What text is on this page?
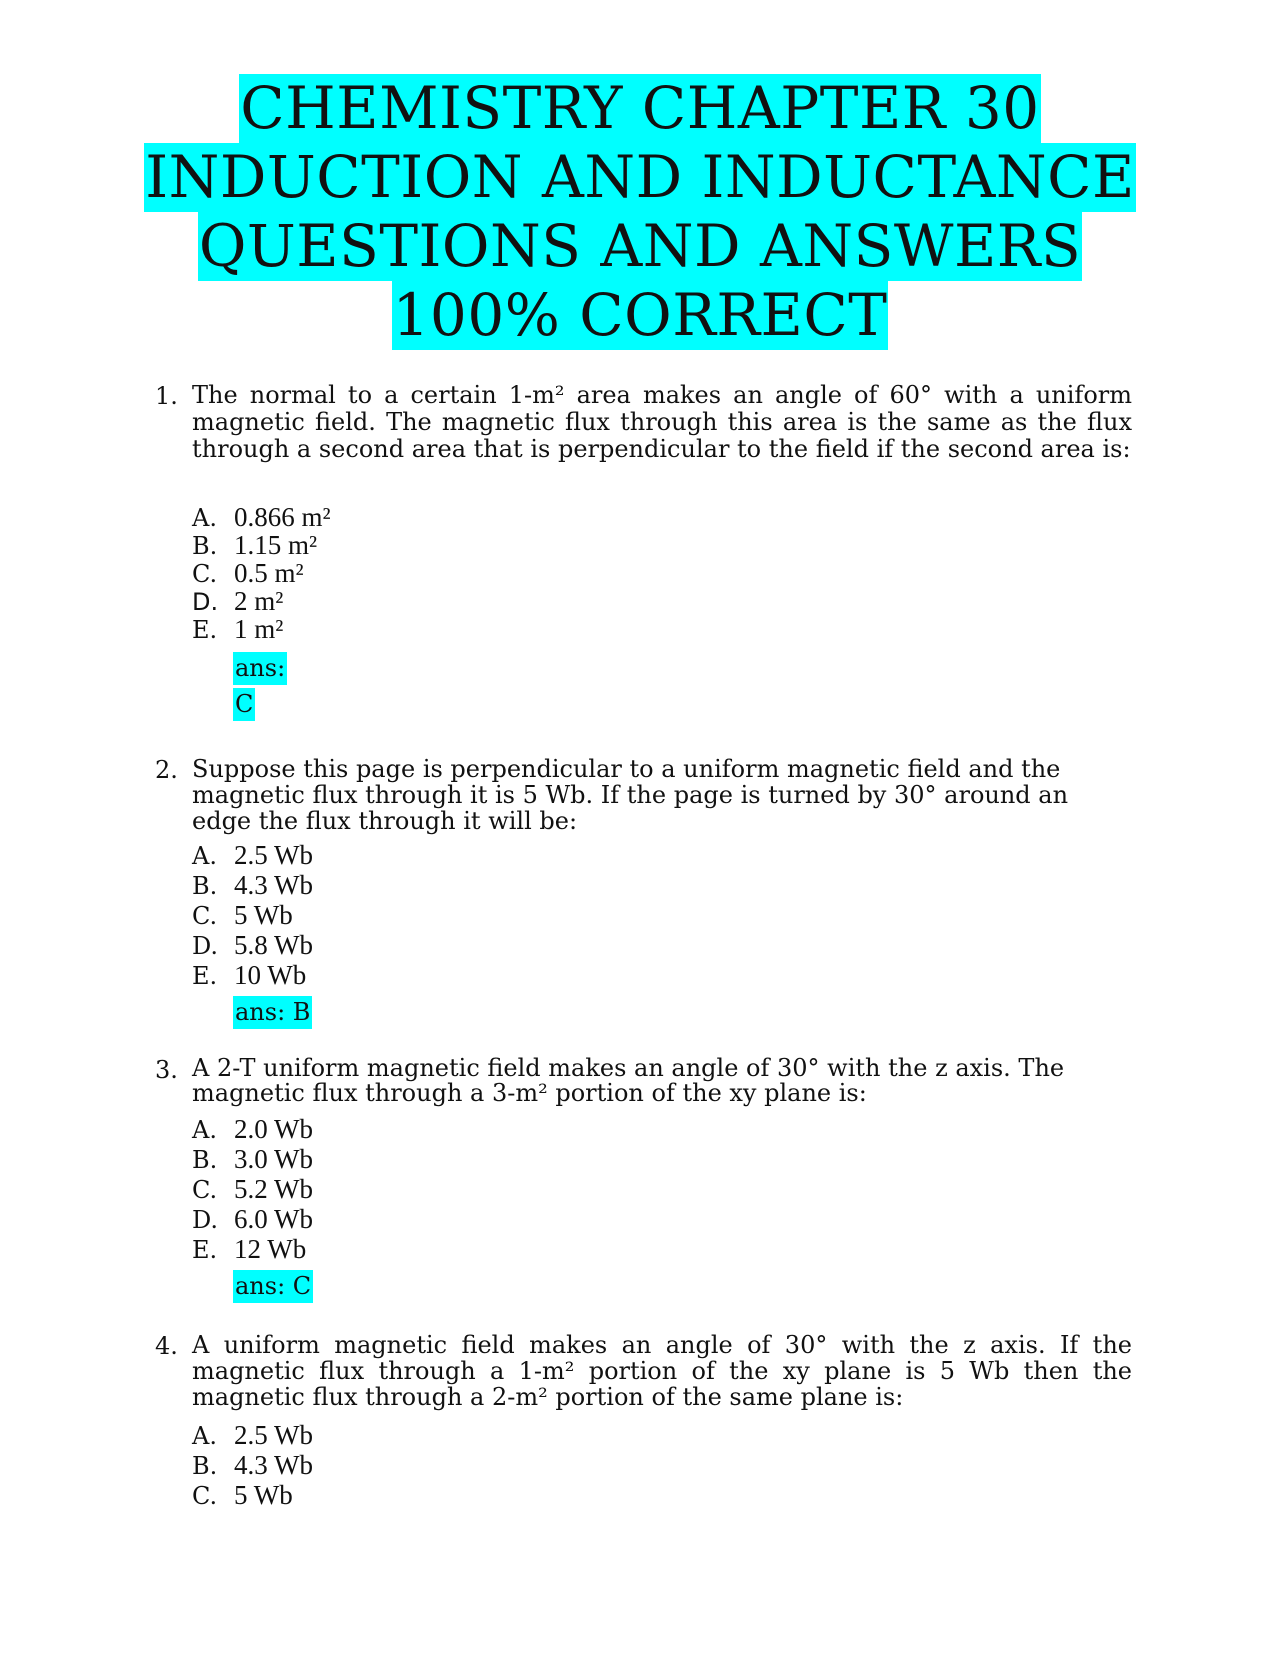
CHEMISTRY CHAPTER 30
INDUCTION AND INDUCTANCE
QUESTIONS AND ANSWERS
100% CORRECT
1. The normal to a certain 1-m² area makes an angle of 60° with a uniform magnetic field. The magnetic flux through this area is the same as the flux through a second area that is perpendicular to the field if the second area is:
A. 0.866 m²
B. 1.15 m²
C. 0.5 m²
D. 2 m²
E. 1 m²
ans:
C
2. Suppose this page is perpendicular to a uniform magnetic field and the magnetic flux through it is 5 Wb. If the page is turned by 30° around an edge the flux through it will be:
A. 2.5 Wb
B. 4.3 Wb
C. 5 Wb
D. 5.8 Wb
E. 10 Wb
ans: B
3. A 2-T uniform magnetic field makes an angle of 30° with the z axis. The magnetic flux through a 3-m² portion of the xy plane is:
A. 2.0 Wb
B. 3.0 Wb
C. 5.2 Wb
D. 6.0 Wb
E. 12 Wb
ans: C
4. A uniform magnetic field makes an angle of 30° with the z axis. If the magnetic flux through a 1-m² portion of the xy plane is 5 Wb then the magnetic flux through a 2-m² portion of the same plane is:
A. 2.5 Wb
B. 4.3 Wb
C. 5 Wb
